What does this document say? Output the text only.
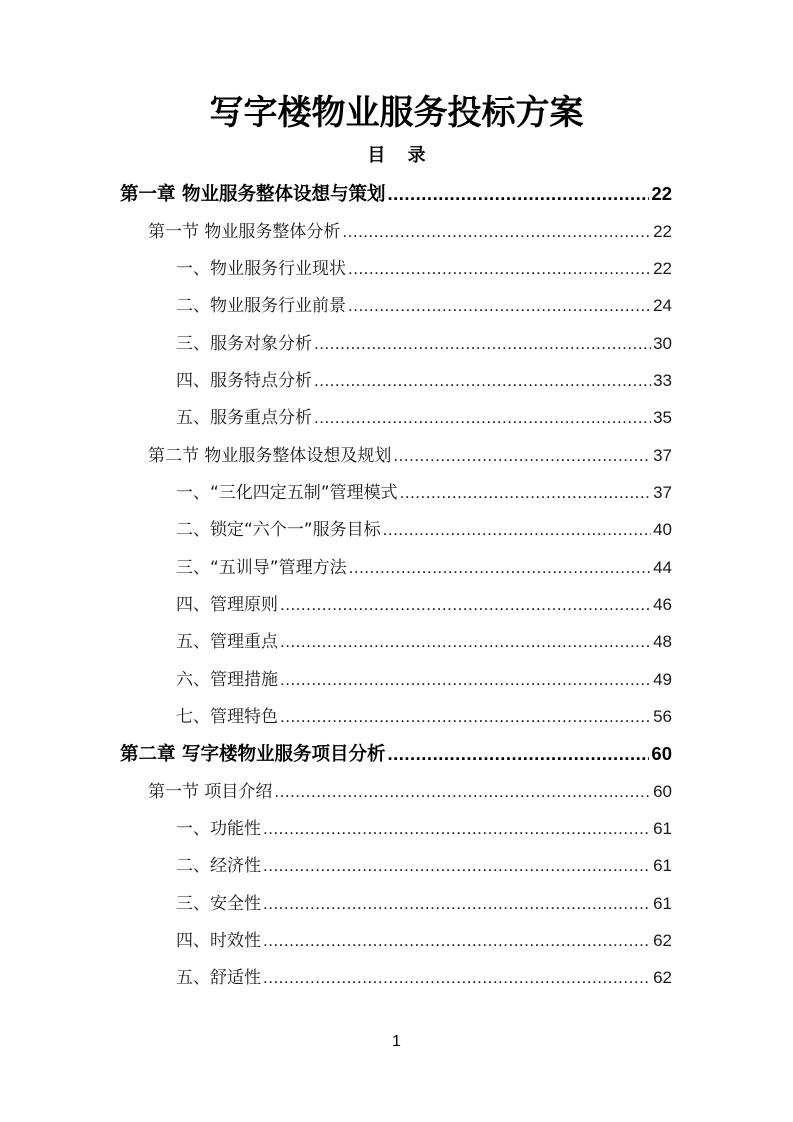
写字楼物业服务投标方案
目 录
第一章 物业服务整体设想与策划 .....	22
第一节 物业服务整体分析 .....	22
一、物业服务行业现状 .....	22
二、物业服务行业前景 .....	24
三、服务对象分析 .....	30
四、服务特点分析 .....	33
五、服务重点分析 .....	35
第二节 物业服务整体设想及规划 .....	37
一、“三化四定五制”管理模式 .....	37
二、锁定“六个一”服务目标 .....	40
三、“五训导”管理方法 .....	44
四、管理原则 .....	46
五、管理重点 .....	48
六、管理措施 .....	49
七、管理特色 .....	56
第二章 写字楼物业服务项目分析 .....	60
第一节 项目介绍 .....	60
一、功能性 .....	61
二、经济性 .....	61
三、安全性 .....	61
四、时效性 .....	62
五、舒适性 .....	62
1
